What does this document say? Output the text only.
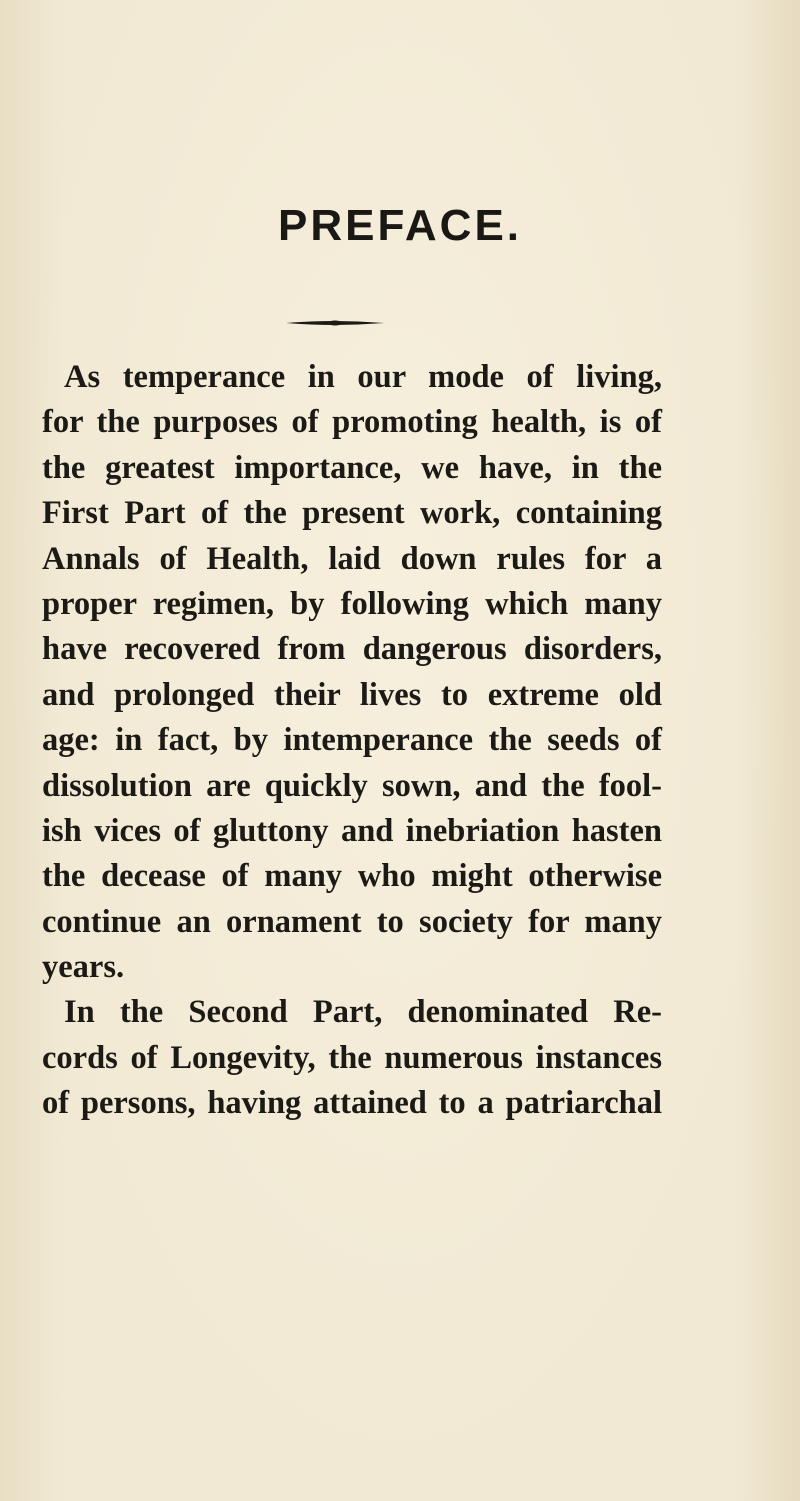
PREFACE.
As temperance in our mode of living,
for the purposes of promoting health, is of
the greatest importance, we have, in the
First Part of the present work, containing
Annals of Health, laid down rules for a
proper regimen, by following which many
have recovered from dangerous disorders,
and prolonged their lives to extreme old
age: in fact, by intemperance the seeds of
dissolution are quickly sown, and the fool-
ish vices of gluttony and inebriation hasten
the decease of many who might otherwise
continue an ornament to society for many
years.
In the Second Part, denominated Re-
cords of Longevity, the numerous instances
of persons, having attained to a patriarchal
